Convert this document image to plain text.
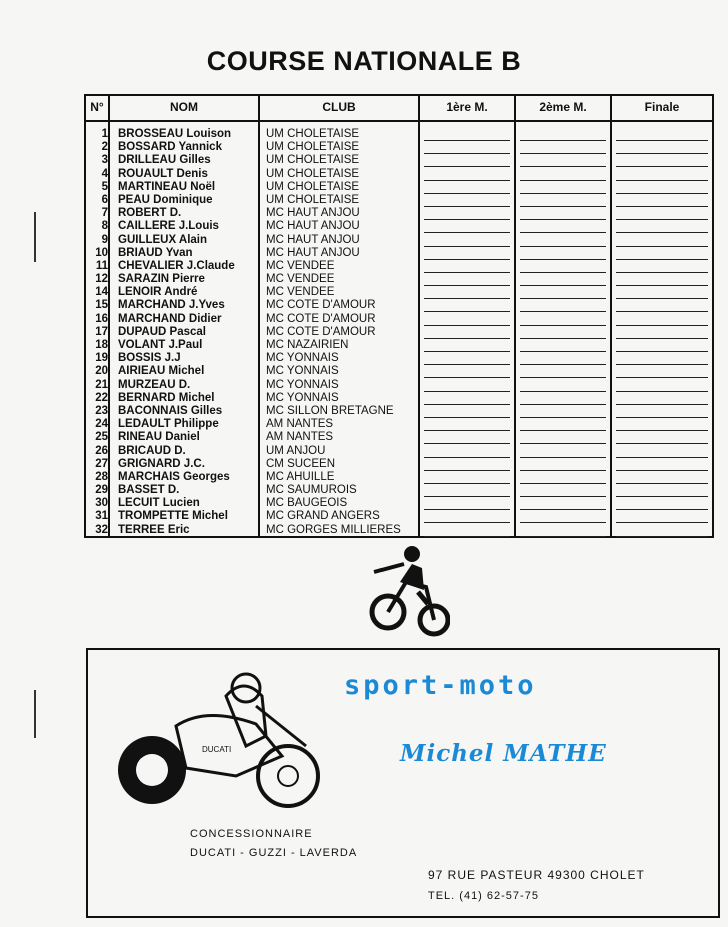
COURSE NATIONALE B
N°	NOM	CLUB	1ère M.	2ème M.	Finale
1 BROSSEAU Louison	UM CHOLETAISE
2 BOSSARD Yannick	UM CHOLETAISE
3 DRILLEAU Gilles	UM CHOLETAISE
4 ROUAULT Denis	UM CHOLETAISE
5 MARTINEAU Noël	UM CHOLETAISE
6 PEAU Dominique	UM CHOLETAISE
7 ROBERT D.	MC HAUT ANJOU
8 CAILLERE J.Louis	MC HAUT ANJOU
9 GUILLEUX Alain	MC HAUT ANJOU
10 BRIAUD Yvan	MC HAUT ANJOU
11 CHEVALIER J.Claude	MC VENDEE
12 SARAZIN Pierre	MC VENDEE
14 LENOIR André	MC VENDEE
15 MARCHAND J.Yves	MC COTE D'AMOUR
16 MARCHAND Didier	MC COTE D'AMOUR
17 DUPAUD Pascal	MC COTE D'AMOUR
18 VOLANT J.Paul	MC NAZAIRIEN
19 BOSSIS J.J	MC YONNAIS
20 AIRIEAU Michel	MC YONNAIS
21 MURZEAU D.	MC YONNAIS
22 BERNARD Michel	MC YONNAIS
23 BACONNAIS Gilles	MC SILLON BRETAGNE
24 LEDAULT Philippe	AM NANTES
25 RINEAU Daniel	AM NANTES
26 BRICAUD D.	UM ANJOU
27 GRIGNARD J.C.	CM SUCEEN
28 MARCHAIS Georges	MC AHUILLE
29 BASSET D.	MC SAUMUROIS
30 LECUIT Lucien	MC BAUGEOIS
31 TROMPETTE Michel	MC GRAND ANGERS
32 TERREE Eric	MC GORGES MILLIERES
DUCATI
sport-moto
Michel MATHE
CONCESSIONNAIRE
DUCATI - GUZZI - LAVERDA
97 RUE PASTEUR 49300 CHOLET
TEL. (41) 62-57-75
